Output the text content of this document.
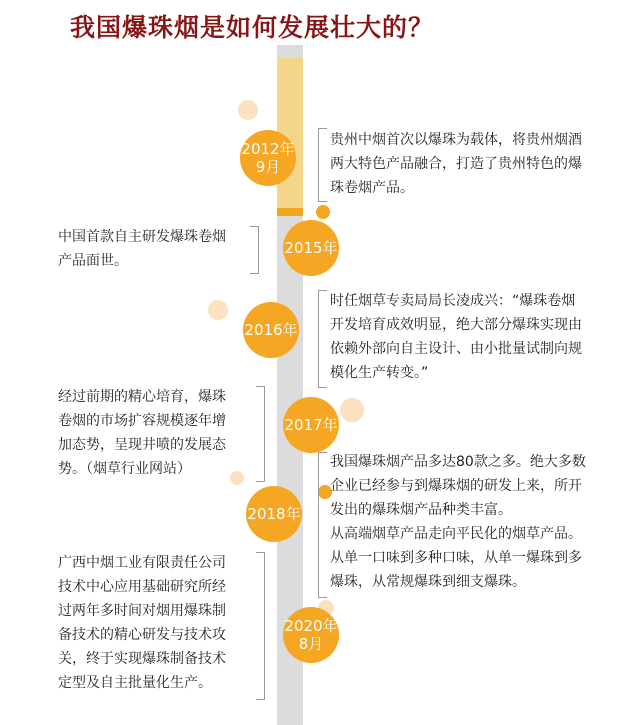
我国爆珠烟是如何发展壮大的？
2012年
9月
2015年
2016年
2017年
2018年
2020年
8月
贵州中烟首次以爆珠为载体，将贵州烟酒
两大特色产品融合，打造了贵州特色的爆
珠卷烟产品。
中国首款自主研发爆珠卷烟
产品面世。
时任烟草专卖局局长凌成兴：“爆珠卷烟
开发培育成效明显，绝大部分爆珠实现由
依赖外部向自主设计、由小批量试制向规
模化生产转变。”
经过前期的精心培育，爆珠
卷烟的市场扩容规模逐年增
加态势，呈现井喷的发展态
势。（烟草行业网站）	我国爆珠烟产品多达80款之多。绝大多数
企业已经参与到爆珠烟的研发上来，所开
发出的爆珠烟产品种类丰富。
从高端烟草产品走向平民化的烟草产品。
从单一口味到多种口味，从单一爆珠到多
爆珠，从常规爆珠到细支爆珠。
广西中烟工业有限责任公司
技术中心应用基础研究所经
过两年多时间对烟用爆珠制
备技术的精心研发与技术攻
关，终于实现爆珠制备技术
定型及自主批量化生产。
